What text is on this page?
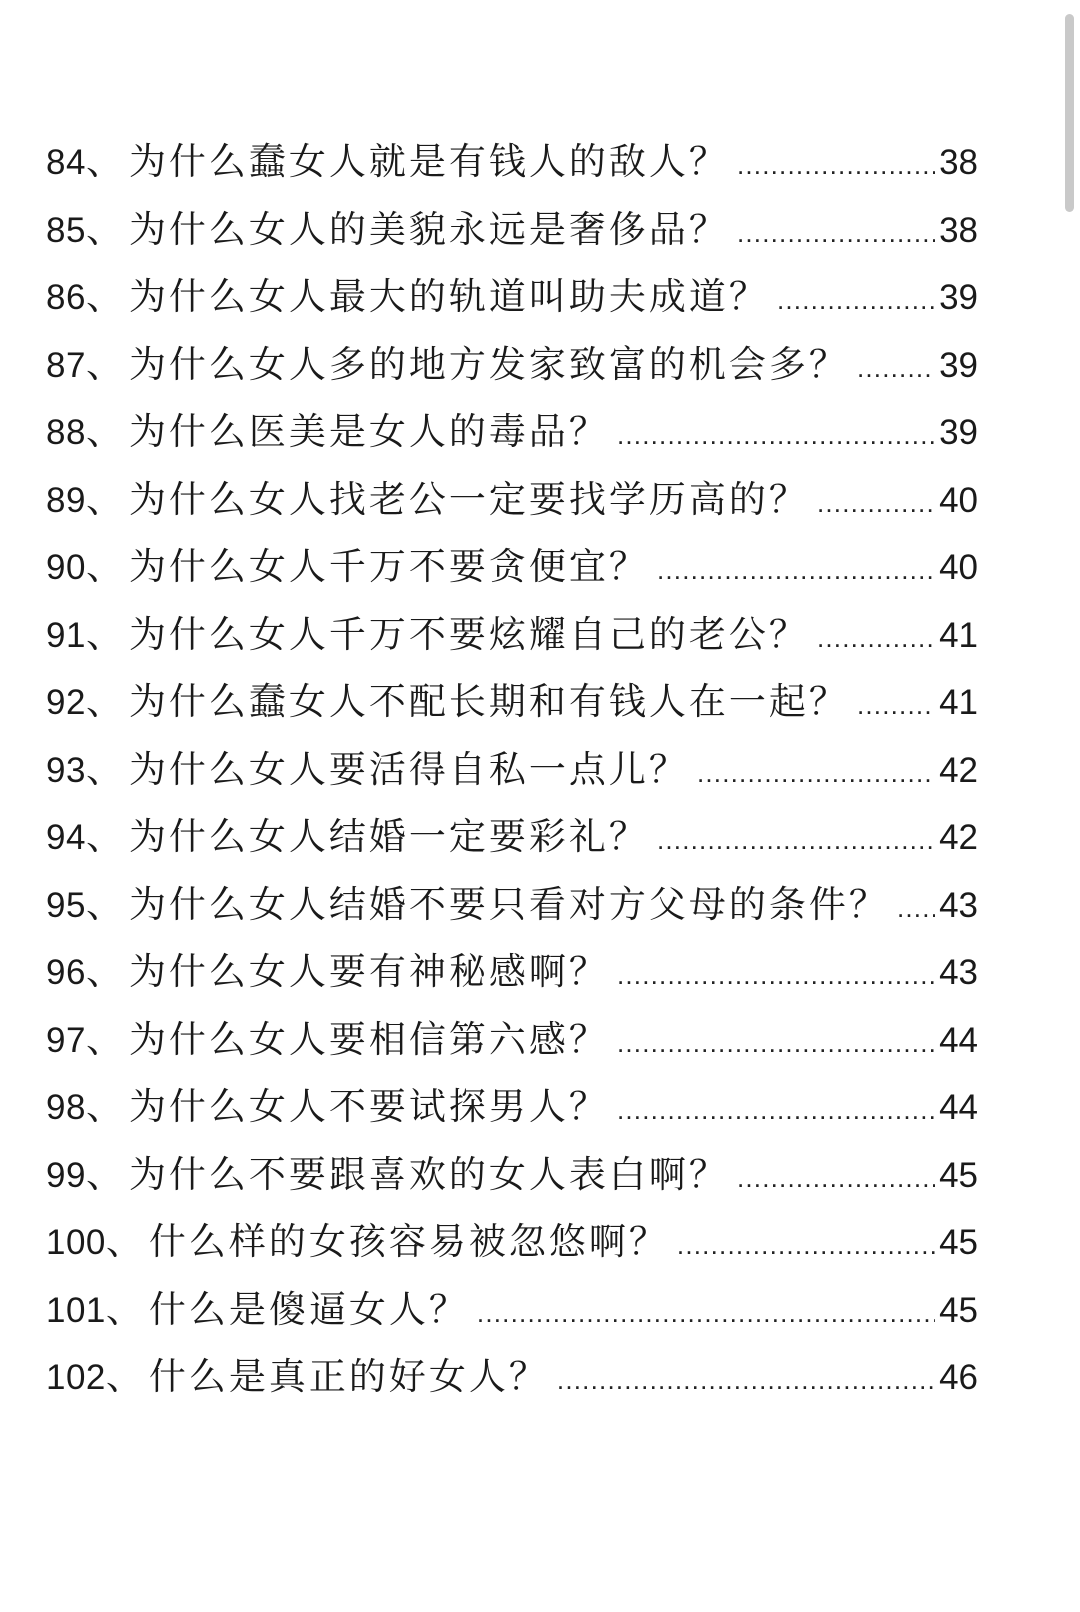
84 、 为什么蠢女人就是有钱人的敌人？ .....	38
85 、 为什么女人的美貌永远是奢侈品？ .....	38
86 、 为什么女人最大的轨道叫助夫成道？ .....	39
87 、 为什么女人多的地方发家致富的机会多？ .....	39
88 、 为什么医美是女人的毒品？ .....	39
89 、 为什么女人找老公一定要找学历高的？ .....	40
90 、 为什么女人千万不要贪便宜？ .....	40
91 、 为什么女人千万不要炫耀自己的老公？ .....	41
92 、 为什么蠢女人不配长期和有钱人在一起？ .....	41
93 、 为什么女人要活得自私一点儿？ .....	42
94 、 为什么女人结婚一定要彩礼？ .....	42
95 、 为什么女人结婚不要只看对方父母的条件？ ..... 43
96 、 为什么女人要有神秘感啊？ .....	43
97 、 为什么女人要相信第六感？ .....	44
98 、 为什么女人不要试探男人？ .....	44
99 、 为什么不要跟喜欢的女人表白啊？ .....	45
100 、 什么样的女孩容易被忽悠啊？ .....	45
101 、 什么是傻逼女人？ .....	45
102 、 什么是真正的好女人？ .....	46
